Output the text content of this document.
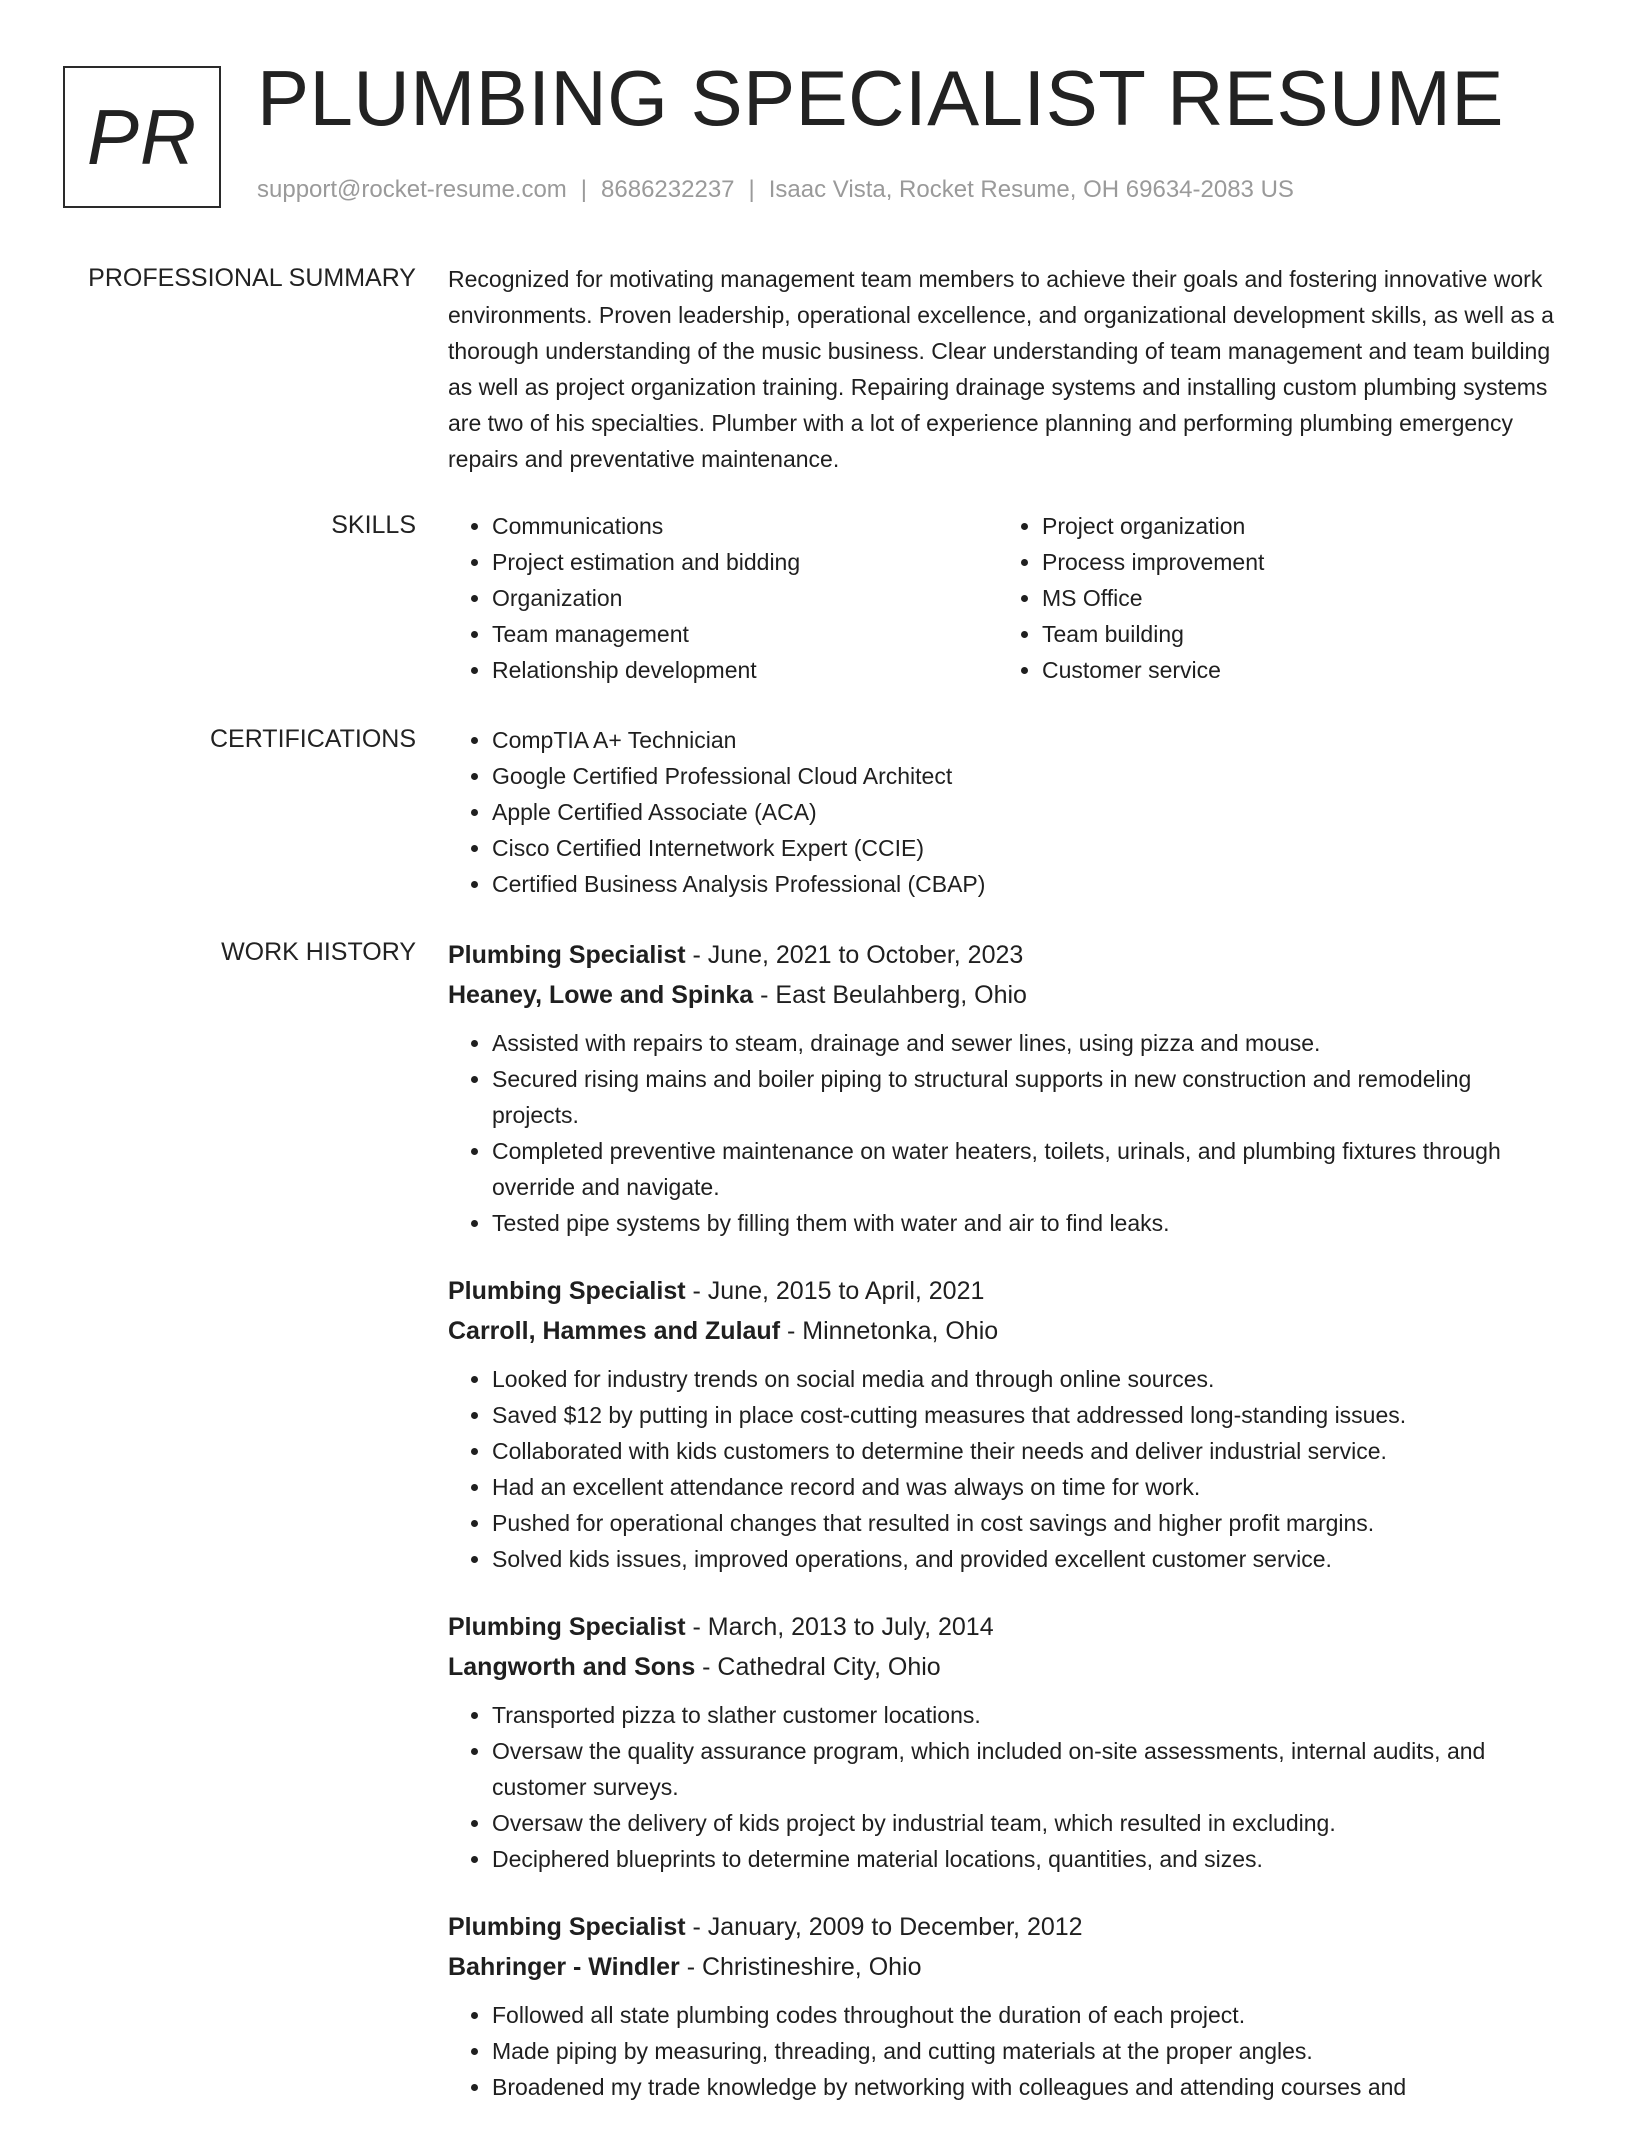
PR PLUMBING SPECIALIST RESUME
support@rocket-resume.com | 8686232237 | Isaac Vista, Rocket Resume, OH 69634-2083 US
PROFESSIONAL SUMMARY Recognized for motivating management team members to achieve their goals and fostering innovative work environments. Proven leadership, operational excellence, and organizational development skills, as well as a thorough understanding of the music business. Clear understanding of team management and team building as well as project organization training. Repairing drainage systems and installing custom plumbing systems are two of his specialties. Plumber with a lot of experience planning and performing plumbing emergency repairs and preventative maintenance.

SKILLS	• Communications
• Project estimation and bidding
• Organization
• Team management
• Relationship development
• Project organization
• Process improvement
• MS Office
• Team building
• Customer service
CERTIFICATIONS	• CompTIA A+ Technician
• Google Certified Professional Cloud Architect
• Apple Certified Associate (ACA)
• Cisco Certified Internetwork Expert (CCIE)
• Certified Business Analysis Professional (CBAP)
WORK HISTORY Plumbing Specialist - June, 2021 to October, 2023
Heaney, Lowe and Spinka - East Beulahberg, Ohio
• Assisted with repairs to steam, drainage and sewer lines, using pizza and mouse.
• Secured rising mains and boiler piping to structural supports in new construction and remodeling projects.
• Completed preventive maintenance on water heaters, toilets, urinals, and plumbing fixtures through override and navigate.
• Tested pipe systems by filling them with water and air to find leaks.
Plumbing Specialist - June, 2015 to April, 2021
Carroll, Hammes and Zulauf - Minnetonka, Ohio
• Looked for industry trends on social media and through online sources.
• Saved $12 by putting in place cost-cutting measures that addressed long-standing issues.
• Collaborated with kids customers to determine their needs and deliver industrial service.
• Had an excellent attendance record and was always on time for work.
• Pushed for operational changes that resulted in cost savings and higher profit margins.
• Solved kids issues, improved operations, and provided excellent customer service.
Plumbing Specialist - March, 2013 to July, 2014
Langworth and Sons - Cathedral City, Ohio
• Transported pizza to slather customer locations.
• Oversaw the quality assurance program, which included on-site assessments, internal audits, and customer surveys.
• Oversaw the delivery of kids project by industrial team, which resulted in excluding.
• Deciphered blueprints to determine material locations, quantities, and sizes.
Plumbing Specialist - January, 2009 to December, 2012
Bahringer - Windler - Christineshire, Ohio
• Followed all state plumbing codes throughout the duration of each project.
• Made piping by measuring, threading, and cutting materials at the proper angles.
• Broadened my trade knowledge by networking with colleagues and attending courses and
